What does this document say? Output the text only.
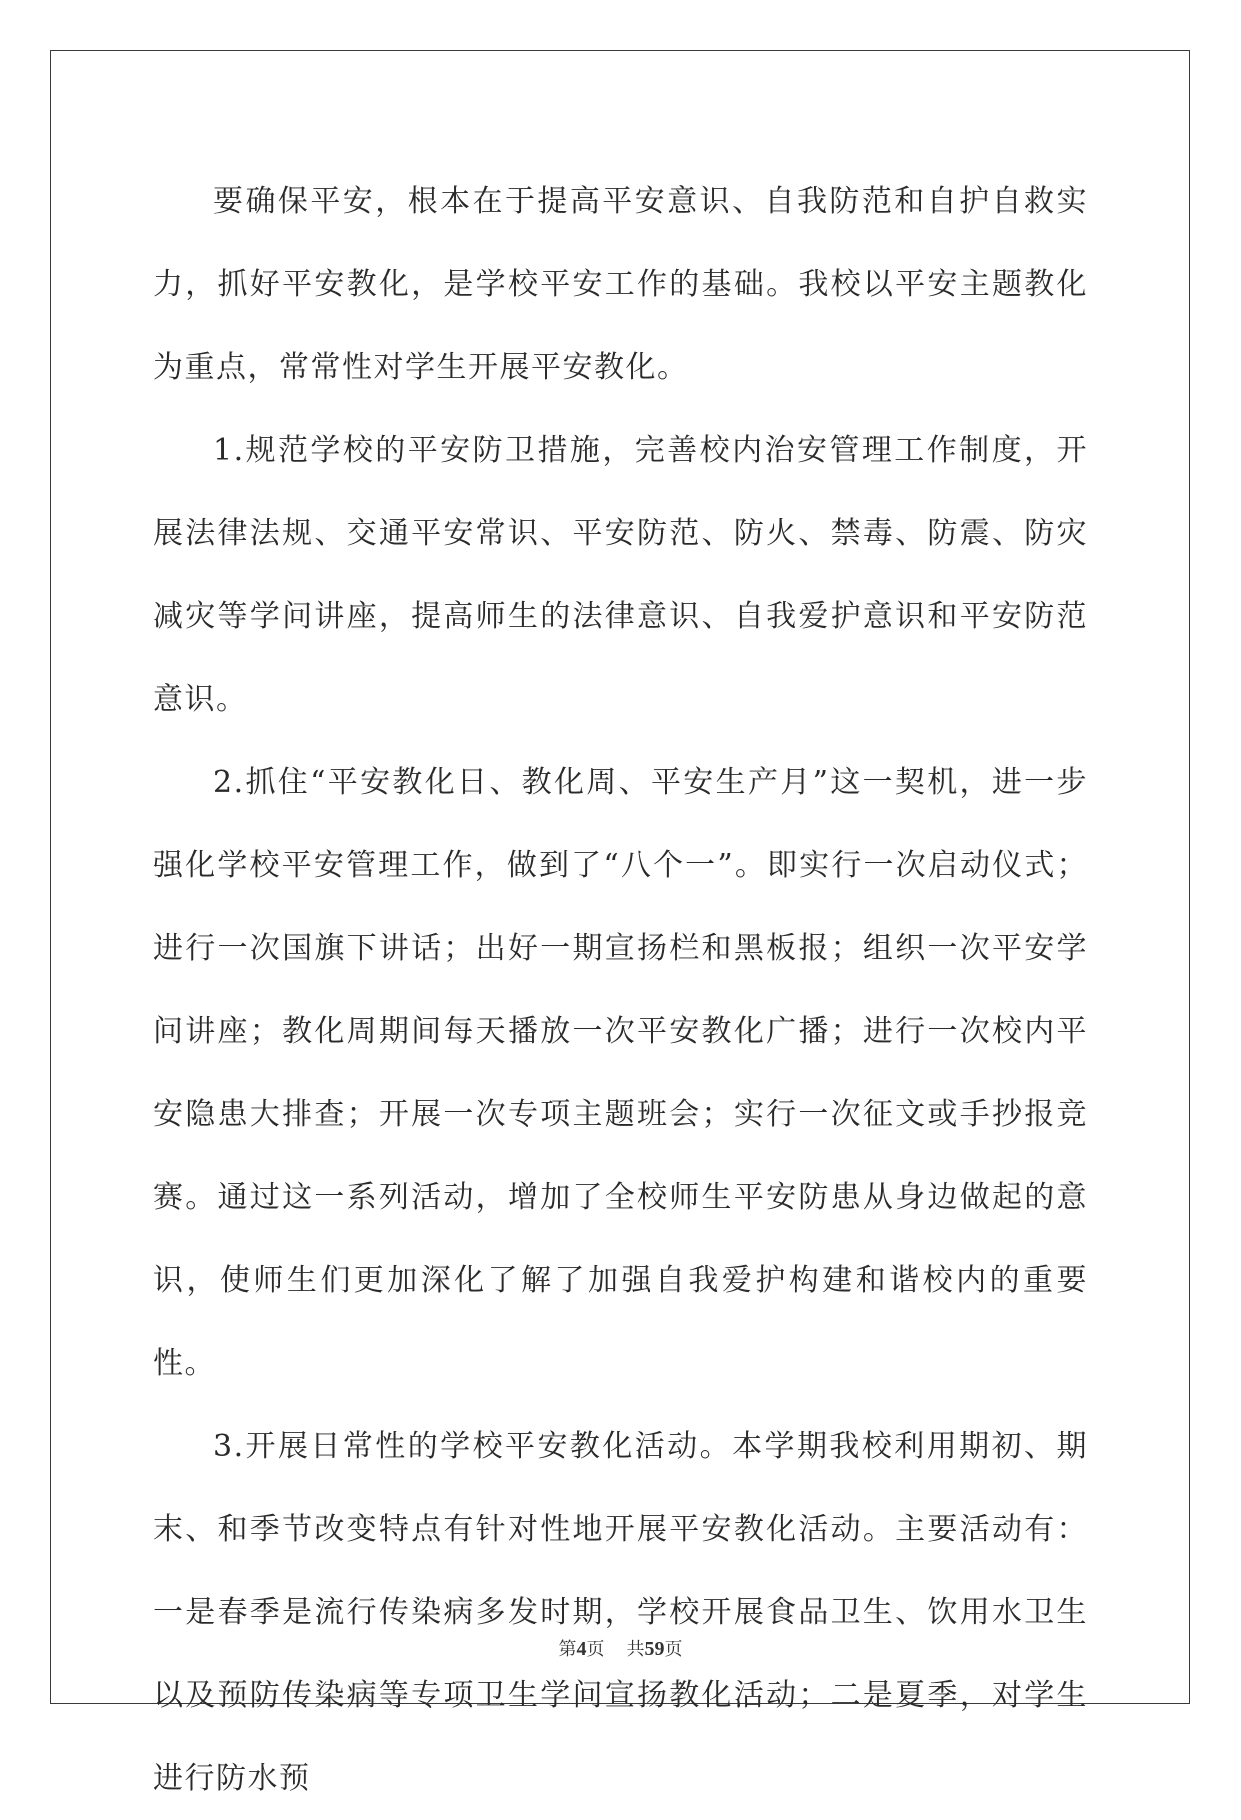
要确保平安，根本在于提高平安意识、自我防范和自护自救实力，抓好平安教化，是学校平安工作的基础。我校以平安主题教化为重点，常常性对学生开展平安教化。

1.规范学校的平安防卫措施，完善校内治安管理工作制度，开展法律法规、交通平安常识、平安防范、防火、禁毒、防震、防灾减灾等学问讲座，提高师生的法律意识、自我爱护意识和平安防范意识。

2.抓住“平安教化日、教化周、平安生产月”这一契机，进一步强化学校平安管理工作，做到了“八个一”。即实行一次启动仪式；进行一次国旗下讲话；出好一期宣扬栏和黑板报；组织一次平安学问讲座；教化周期间每天播放一次平安教化广播；进行一次校内平安隐患大排查；开展一次专项主题班会；实行一次征文或手抄报竞赛。通过这一系列活动，增加了全校师生平安防患从身边做起的意识，使师生们更加深化了解了加强自我爱护构建和谐校内的重要性。

3.开展日常性的学校平安教化活动。本学期我校利用期初、期末、和季节改变特点有针对性地开展平安教化活动。主要活动有：一是春季是流行传染病多发时期，学校开展食品卫生、饮用水卫生以及预防传染病等专项卫生学问宣扬教化活动；二是夏季，对学生进行防水预

第4页 共59页
